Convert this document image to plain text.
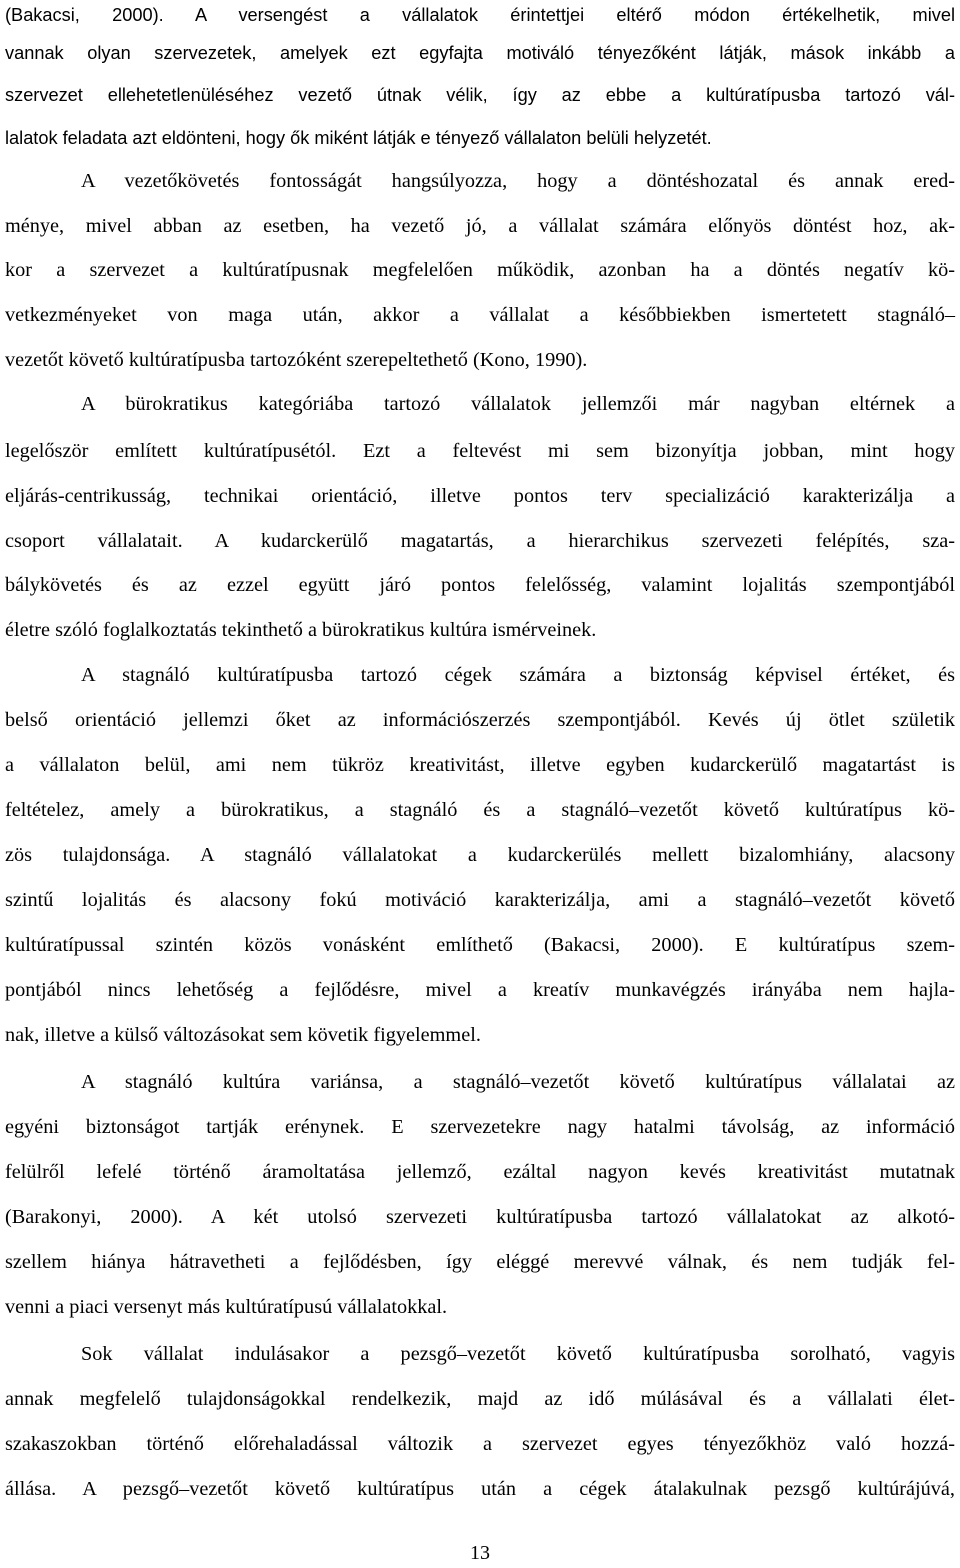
(Bakacsi, 2000). A versengést a vállalatok érintettjei eltérő módon értékelhetik, mivel
vannak olyan szervezetek, amelyek ezt egyfajta motiváló tényezőként látják, mások inkább a
szervezet ellehetetlenüléséhez vezető útnak vélik, így az ebbe a kultúratípusba tartozó vál-
lalatok feladata azt eldönteni, hogy ők miként látják e tényező vállalaton belüli helyzetét.
A vezetőkövetés fontosságát hangsúlyozza, hogy a döntéshozatal és annak ered-
ménye, mivel abban az esetben, ha vezető jó, a vállalat számára előnyös döntést hoz, ak-
kor a szervezet a kultúratípusnak megfelelően működik, azonban ha a döntés negatív kö-
vetkezményeket von maga után, akkor a vállalat a későbbiekben ismertetett stagnáló–
vezetőt követő kultúratípusba tartozóként szerepeltethető (Kono, 1990).
A bürokratikus kategóriába tartozó vállalatok jellemzői már nagyban eltérnek a
legelőször említett kultúratípusétól. Ezt a feltevést mi sem bizonyítja jobban, mint hogy
eljárás-centrikusság, technikai orientáció, illetve pontos terv specializáció karakterizálja a
csoport vállalatait. A kudarckerülő magatartás, a hierarchikus szervezeti felépítés, sza-
bálykövetés és az ezzel együtt járó pontos felelősség, valamint lojalitás szempontjából
életre szóló foglalkoztatás tekinthető a bürokratikus kultúra ismérveinek.
A stagnáló kultúratípusba tartozó cégek számára a biztonság képvisel értéket, és
belső orientáció jellemzi őket az információszerzés szempontjából. Kevés új ötlet születik
a vállalaton belül, ami nem tükröz kreativitást, illetve egyben kudarckerülő magatartást is
feltételez, amely a bürokratikus, a stagnáló és a stagnáló–vezetőt követő kultúratípus kö-
zös tulajdonsága. A stagnáló vállalatokat a kudarckerülés mellett bizalomhiány, alacsony
szintű lojalitás és alacsony fokú motiváció karakterizálja, ami a stagnáló–vezetőt követő
kultúratípussal szintén közös vonásként említhető (Bakacsi, 2000). E kultúratípus szem-
pontjából nincs lehetőség a fejlődésre, mivel a kreatív munkavégzés irányába nem hajla-
nak, illetve a külső változásokat sem követik figyelemmel.
A stagnáló kultúra variánsa, a stagnáló–vezetőt követő kultúratípus vállalatai az
egyéni biztonságot tartják erénynek. E szervezetekre nagy hatalmi távolság, az információ
felülről lefelé történő áramoltatása jellemző, ezáltal nagyon kevés kreativitást mutatnak
(Barakonyi, 2000). A két utolsó szervezeti kultúratípusba tartozó vállalatokat az alkotó-
szellem hiánya hátravetheti a fejlődésben, így eléggé merevvé válnak, és nem tudják fel-
venni a piaci versenyt más kultúratípusú vállalatokkal.
Sok vállalat indulásakor a pezsgő–vezetőt követő kultúratípusba sorolható, vagyis
annak megfelelő tulajdonságokkal rendelkezik, majd az idő múlásával és a vállalati élet-
szakaszokban történő előrehaladással változik a szervezet egyes tényezőkhöz való hozzá-
állása. A pezsgő–vezetőt követő kultúratípus után a cégek átalakulnak pezsgő kultúrájúvá,
13
